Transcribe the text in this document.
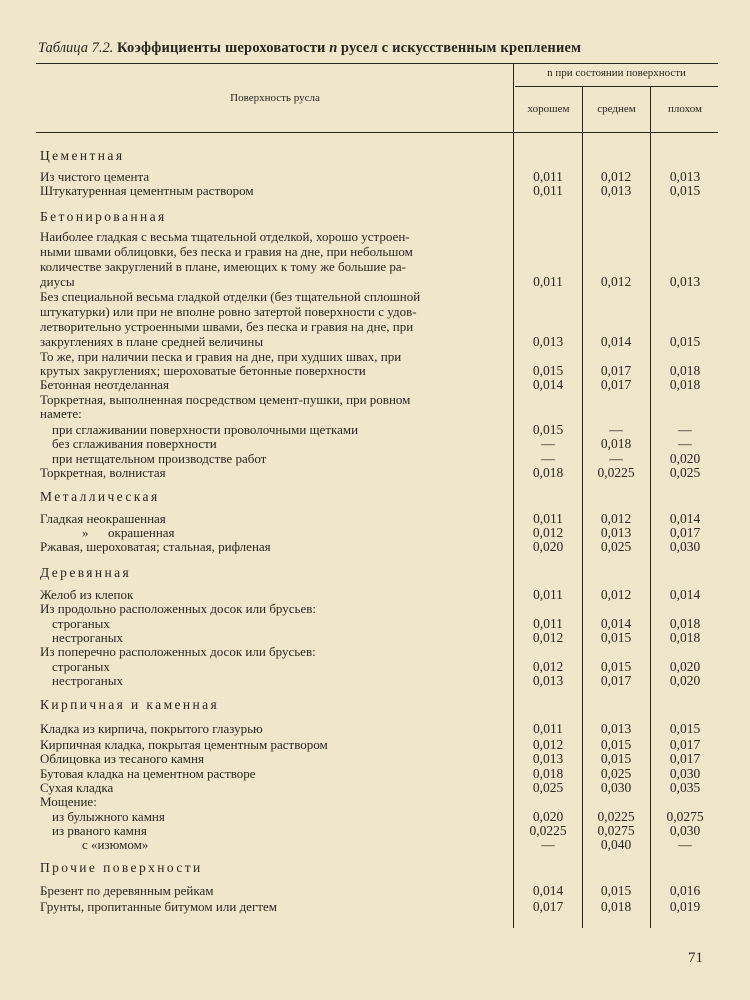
Таблица 7.2. Коэффициенты шероховатости n русел с искусственным креплением
Поверхность русла
n при состоянии поверхности
хорошем	среднем	плохом
Цементная
Бетонированная
Металлическая
Деревянная
Кирпичная и каменная
Прочие поверхности
Из чистого цемента	0,011	0,012	0,013
Штукатуренная цементным раствором	0,011	0,013	0,015
Наиболее гладкая с весьма тщательной отделкой, хорошо устроен-
ными швами облицовки, без песка и гравия на дне, при небольшом
количестве закруглений в плане, имеющих к тому же большие ра-
диусы	0,011	0,012	0,013
Без специальной весьма гладкой отделки (без тщательной сплошной
штукатурки) или при не вполне ровно затертой поверхности с удов-
летворительно устроенными швами, без песка и гравия на дне, при
закруглениях в плане средней величины	0,013	0,014	0,015
То же, при наличии песка и гравия на дне, при худших швах, при
крутых закруглениях; шероховатые бетонные поверхности	0,015	0,017	0,018
Бетонная неотделанная	0,014	0,017	0,018
Торкретная, выполненная посредством цемент-пушки, при ровном
намете:
при сглаживании поверхности проволочными щетками	0,015	—	—
без сглаживания поверхности	—	0,018	—
при нетщательном производстве работ	—	—	0,020
Торкретная, волнистая	0,018	0,0225	0,025
Гладкая неокрашенная	0,011	0,012	0,014
»      окрашенная	0,012	0,013	0,017
Ржавая, шероховатая; стальная, рифленая	0,020	0,025	0,030
Желоб из клепок	0,011	0,012	0,014
Из продольно расположенных досок или брусьев:
строганых	0,011	0,014	0,018
нестроганых	0,012	0,015	0,018
Из поперечно расположенных досок или брусьев:
строганых	0,012	0,015	0,020
нестроганых	0,013	0,017	0,020
Кладка из кирпича, покрытого глазурью	0,011	0,013	0,015
Кирпичная кладка, покрытая цементным раствором	0,012	0,015	0,017
Облицовка из тесаного камня	0,013	0,015	0,017
Бутовая кладка на цементном растворе	0,018	0,025	0,030
Сухая кладка	0,025	0,030	0,035
Мощение:
из булыжного камня	0,020	0,0225	0,0275
из рваного камня	0,0225	0,0275	0,030
с «изюмом»	—	0,040	—
Брезент по деревянным рейкам	0,014	0,015	0,016
Грунты, пропитанные битумом или дегтем	0,017	0,018	0,019
71
